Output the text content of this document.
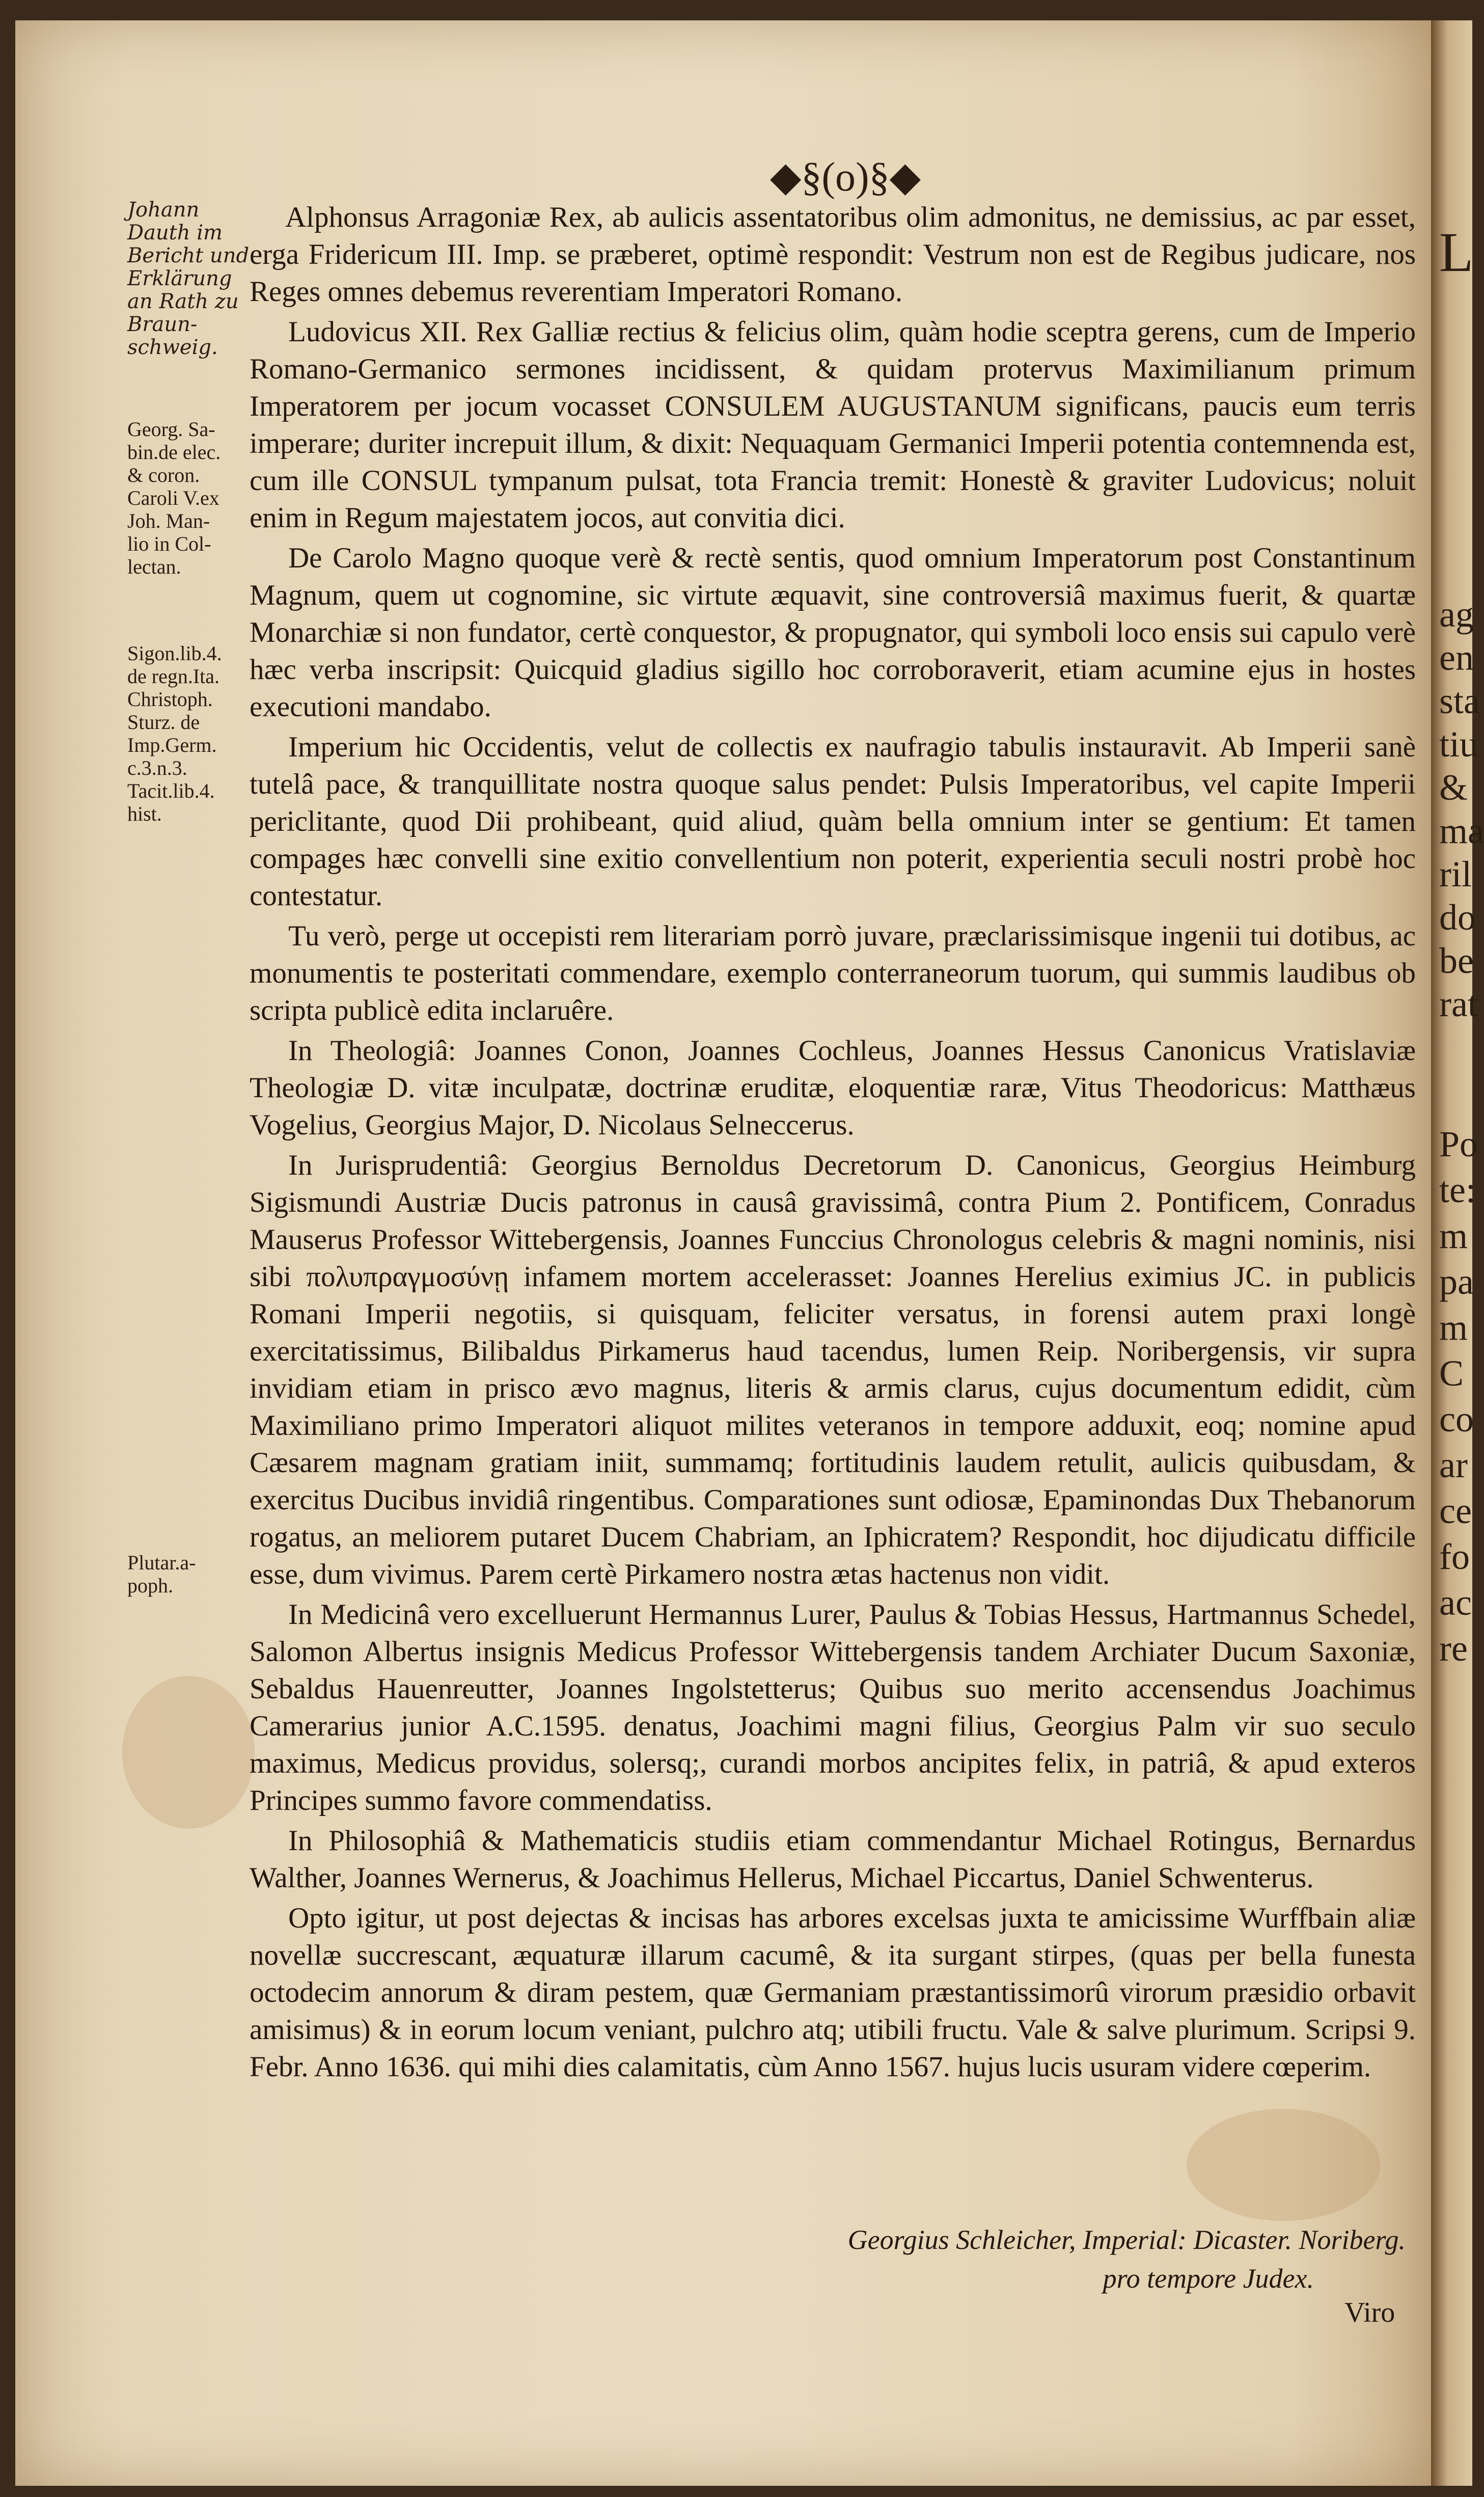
L
ag
en
sta
tiu
&
ma
ril
do
be
rat
Po
te:
m
pa
m
C
co
ar
ce
fo
ac
re
◆§(o)§◆
Johann
Dauth im
Bericht und
Erklärung
an Rath zu
Braun-
schweig.
Georg. Sa-
bin.de elec.
& coron.
Caroli V.ex
Joh. Man-
lio in Col-
lectan.
Sigon.lib.4.
de regn.Ita.
Christoph.
Sturz. de
Imp.Germ.
c.3.n.3.
Tacit.lib.4.
hist.
Plutar.a-
poph.

Alphonsus Arragoniæ Rex, ab aulicis assentatoribus olim admonitus, ne demissius, ac par esset, erga Fridericum III. Imp. se præberet, optimè respondit: Vestrum non est de Regibus judicare, nos Reges omnes debemus reverentiam Imperatori Romano.

Ludovicus XII. Rex Galliæ rectius & felicius olim, quàm hodie sceptra gerens, cum de Imperio Romano-Germanico sermones incidissent, & quidam protervus Maximilianum primum Imperatorem per jocum vocasset CONSULEM AUGUSTANUM significans, paucis eum terris imperare; duriter increpuit illum, & dixit: Nequaquam Germanici Imperii potentia contemnenda est, cum ille CONSUL tympanum pulsat, tota Francia tremit: Honestè & graviter Ludovicus; noluit enim in Regum majestatem jocos, aut convitia dici.

De Carolo Magno quoque verè & rectè sentis, quod omnium Imperatorum post Constantinum Magnum, quem ut cognomine, sic virtute æquavit, sine controversiâ maximus fuerit, & quartæ Monarchiæ si non fundator, certè conquestor, & propugnator, qui symboli loco ensis sui capulo verè hæc verba inscripsit: Quicquid gladius sigillo hoc corroboraverit, etiam acumine ejus in hostes executioni mandabo.

Imperium hic Occidentis, velut de collectis ex naufragio tabulis instauravit. Ab Imperii sanè tutelâ pace, & tranquillitate nostra quoque salus pendet: Pulsis Imperatoribus, vel capite Imperii periclitante, quod Dii prohibeant, quid aliud, quàm bella omnium inter se gentium: Et tamen compages hæc convelli sine exitio convellentium non poterit, experientia seculi nostri probè hoc contestatur.

Tu verò, perge ut occepisti rem literariam porrò juvare, præclarissimisque ingenii tui dotibus, ac monumentis te posteritati commendare, exemplo conterraneorum tuorum, qui summis laudibus ob scripta publicè edita inclaruêre.

In Theologiâ: Joannes Conon, Joannes Cochleus, Joannes Hessus Canonicus Vratislaviæ Theologiæ D. vitæ inculpatæ, doctrinæ eruditæ, eloquentiæ raræ, Vitus Theodoricus: Matthæus Vogelius, Georgius Major, D. Nicolaus Selneccerus.

In Jurisprudentiâ: Georgius Bernoldus Decretorum D. Canonicus, Georgius Heimburg Sigismundi Austriæ Ducis patronus in causâ gravissimâ, contra Pium 2. Pontificem, Conradus Mauserus Professor Wittebergensis, Joannes Funccius Chronologus celebris & magni nominis, nisi sibi πολυπραγμοσύνῃ infamem mortem accelerasset: Joannes Herelius eximius JC. in publicis Romani Imperii negotiis, si quisquam, feliciter versatus, in forensi autem praxi longè exercitatissimus, Bilibaldus Pirkamerus haud tacendus, lumen Reip. Noribergensis, vir supra invidiam etiam in prisco ævo magnus, literis & armis clarus, cujus documentum edidit, cùm Maximiliano primo Imperatori aliquot milites veteranos in tempore adduxit, eoq; nomine apud Cæsarem magnam gratiam iniit, summamq; fortitudinis laudem retulit, aulicis quibusdam, & exercitus Ducibus invidiâ ringentibus. Comparationes sunt odiosæ, Epaminondas Dux Thebanorum rogatus, an meliorem putaret Ducem Chabriam, an Iphicratem? Respondit, hoc dijudicatu difficile esse, dum vivimus. Parem certè Pirkamero nostra ætas hactenus non vidit.

In Medicinâ vero excelluerunt Hermannus Lurer, Paulus & Tobias Hessus, Hartmannus Schedel, Salomon Albertus insignis Medicus Professor Wittebergensis tandem Archiater Ducum Saxoniæ, Sebaldus Hauenreutter, Joannes Ingolstetterus; Quibus suo merito accensendus Joachimus Camerarius junior A.C.1595. denatus, Joachimi magni filius, Georgius Palm vir suo seculo maximus, Medicus providus, solersq;, curandi morbos ancipites felix, in patriâ, & apud exteros Principes summo favore commendatiss.

In Philosophiâ & Mathematicis studiis etiam commendantur Michael Rotingus, Bernardus Walther, Joannes Wernerus, & Joachimus Hellerus, Michael Piccartus, Daniel Schwenterus.

Opto igitur, ut post dejectas & incisas has arbores excelsas juxta te amicissime Wurffbain aliæ novellæ succrescant, æquaturæ illarum cacumê, & ita surgant stirpes, (quas per bella funesta octodecim annorum & diram pestem, quæ Germaniam præstantissimorû virorum præsidio orbavit amisimus) & in eorum locum veniant, pulchro atq; utibili fructu. Vale & salve plurimum. Scripsi 9. Febr. Anno 1636. qui mihi dies calamitatis, cùm Anno 1567. hujus lucis usuram videre cœperim.

Georgius Schleicher, Imperial: Dicaster. Noriberg.
pro tempore Judex.
Viro
